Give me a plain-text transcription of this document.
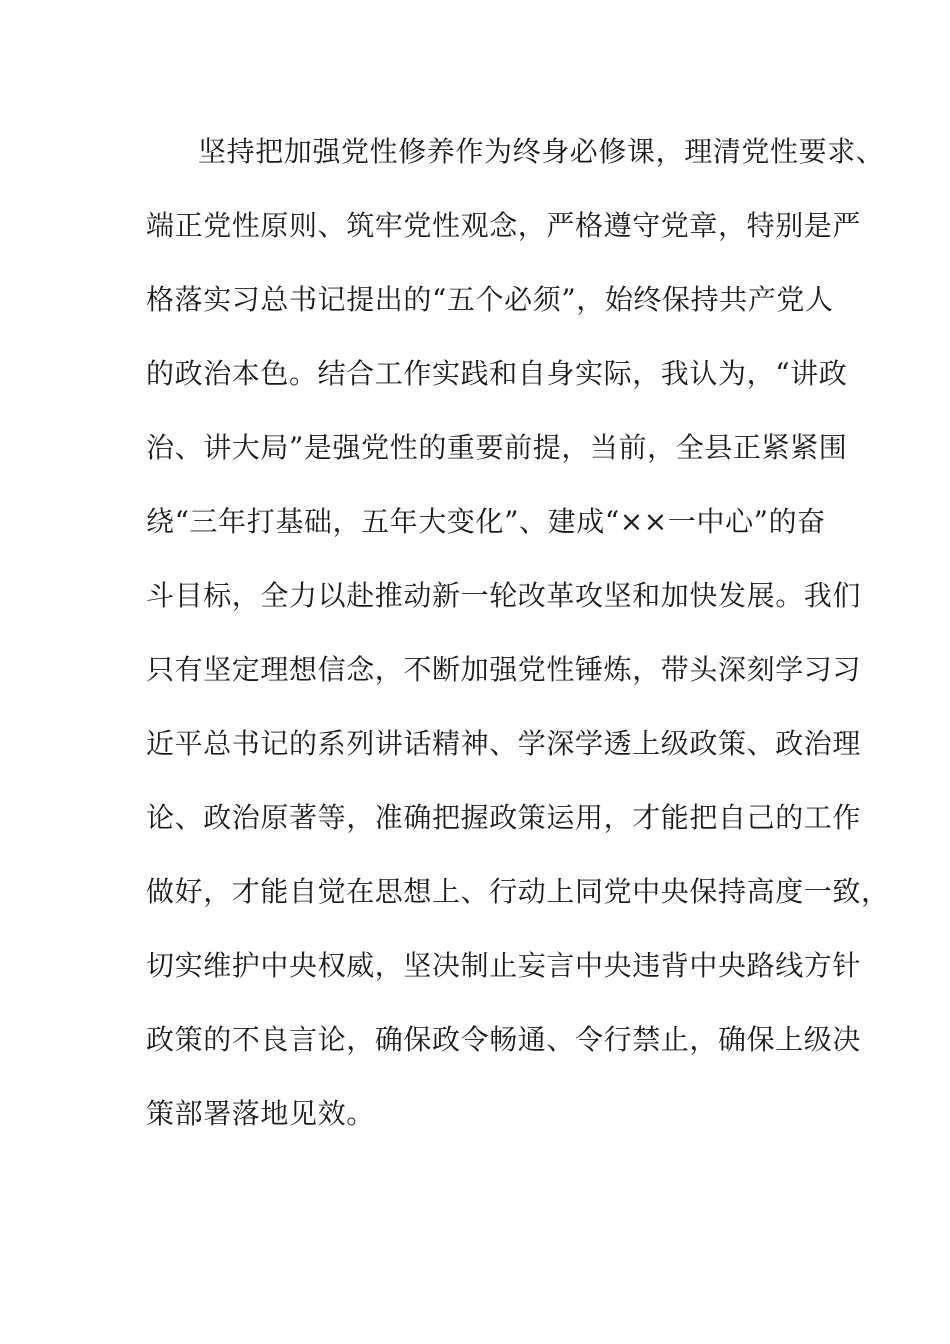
坚持把加强党性修养作为终身必修课，理清党性要求、
端正党性原则、筑牢党性观念，严格遵守党章，特别是严
格落实习总书记提出的“五个必须”，始终保持共产党人
的政治本色。结合工作实践和自身实际，我认为，“讲政
治、讲大局”是强党性的重要前提，当前，全县正紧紧围
绕“三年打基础，五年大变化”、建成“××一中心”的奋
斗目标，全力以赴推动新一轮改革攻坚和加快发展。我们
只有坚定理想信念，不断加强党性锤炼，带头深刻学习习
近平总书记的系列讲话精神、学深学透上级政策、政治理
论、政治原著等，准确把握政策运用，才能把自己的工作
做好，才能自觉在思想上、行动上同党中央保持高度一致，
切实维护中央权威，坚决制止妄言中央违背中央路线方针
政策的不良言论，确保政令畅通、令行禁止，确保上级决
策部署落地见效。
